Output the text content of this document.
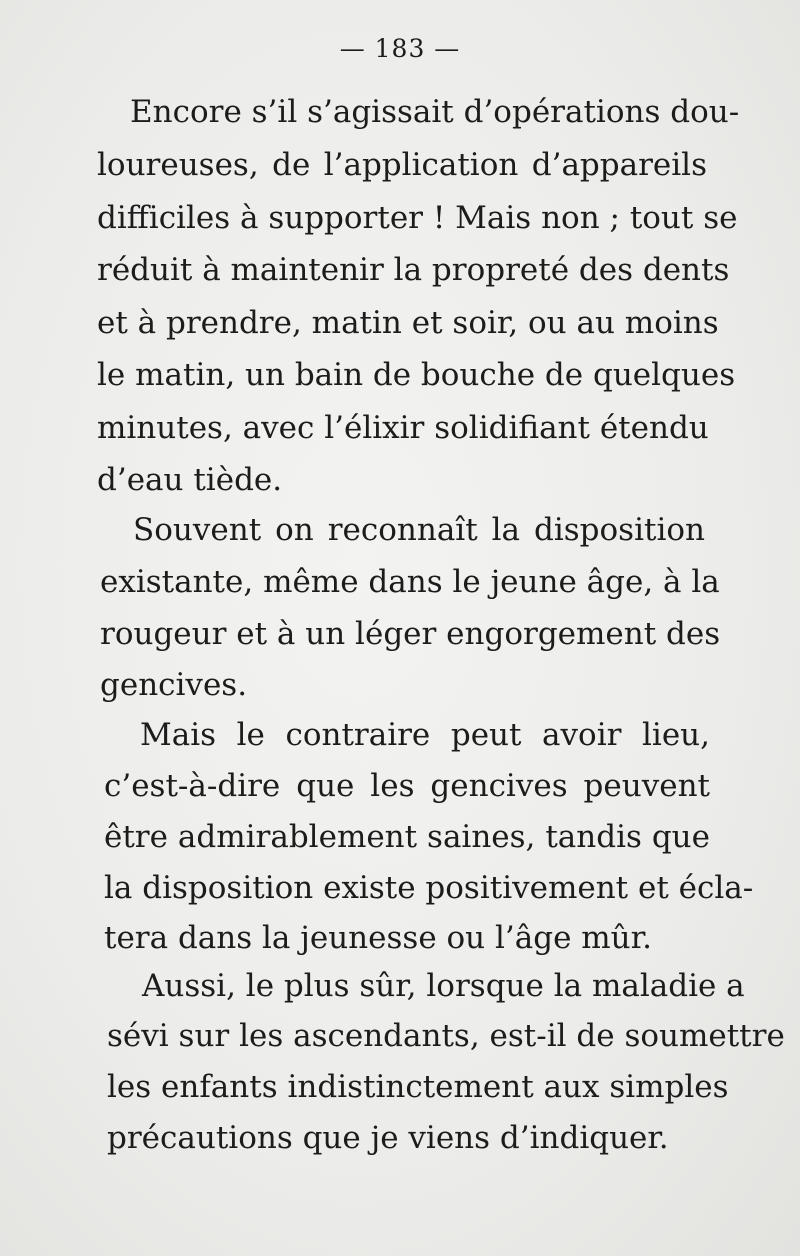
— 183 —
Encore s’il s’agissait d’opérations dou-
loureuses, de l’application d’appareils
difficiles à supporter ! Mais non ; tout se
réduit à maintenir la propreté des dents
et à prendre, matin et soir, ou au moins
le matin, un bain de bouche de quelques
minutes, avec l’élixir solidifiant étendu
d’eau tiède.
Souvent on reconnaît la disposition
existante, même dans le jeune âge, à la
rougeur et à un léger engorgement des
gencives.
Mais le contraire peut avoir lieu,
c’est-à-dire que les gencives peuvent
être admirablement saines, tandis que
la disposition existe positivement et écla-
tera dans la jeunesse ou l’âge mûr.
Aussi, le plus sûr, lorsque la maladie a
sévi sur les ascendants, est-il de soumettre
les enfants indistinctement aux simples
précautions que je viens d’indiquer.
